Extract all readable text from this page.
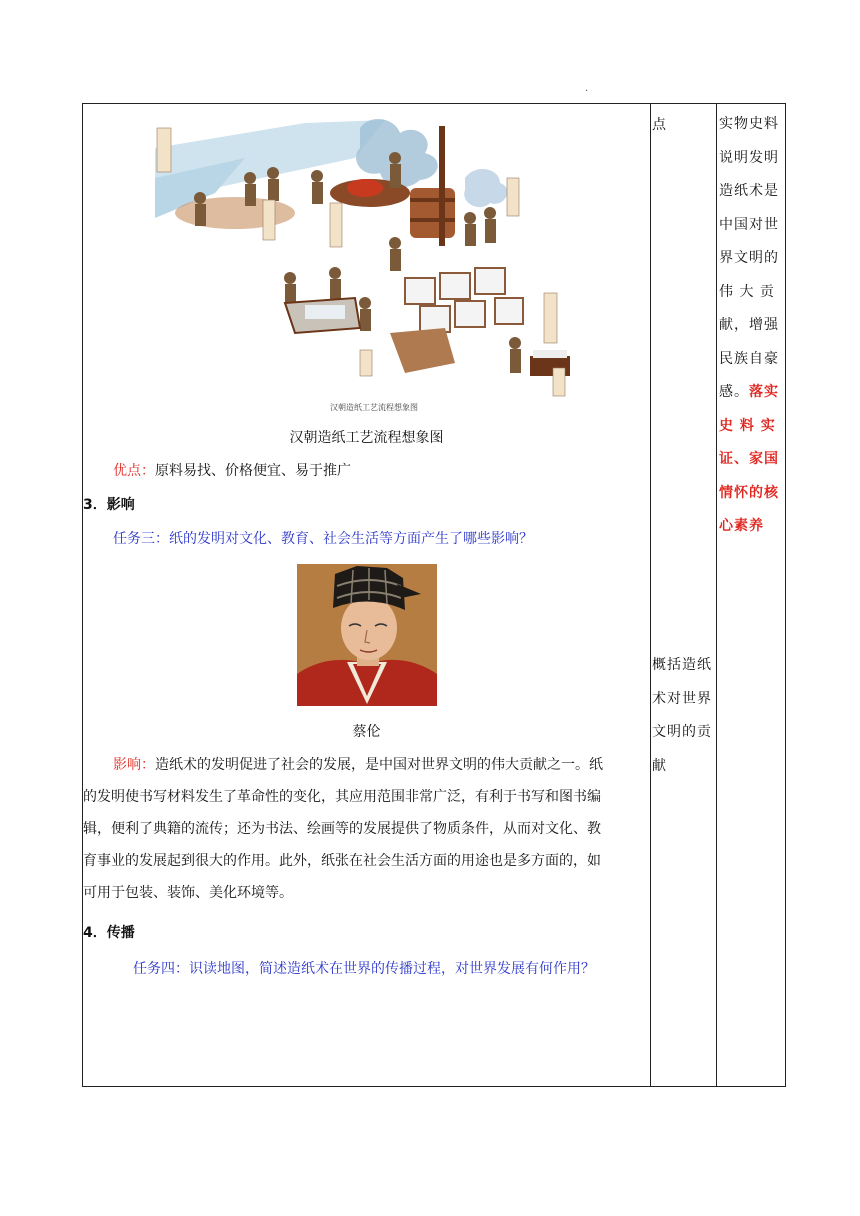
·
汉朝造纸工艺流程想象图
汉朝造纸工艺流程想象图
优点：原料易找、价格便宜、易于推广
3．影响
任务三：纸的发明对文化、教育、社会生活等方面产生了哪些影响？
蔡伦
影响：造纸术的发明促进了社会的发展，是中国对世界文明的伟大贡献之一。纸
的发明使书写材料发生了革命性的变化，其应用范围非常广泛，有利于书写和图书编
辑，便利了典籍的流传；还为书法、绘画等的发展提供了物质条件，从而对文化、教
育事业的发展起到很大的作用。此外，纸张在社会生活方面的用途也是多方面的，如
可用于包装、装饰、美化环境等。
4．传播
任务四：识读地图，简述造纸术在世界的传播过程，对世界发展有何作用？

点
概括造纸
术对世界
文明的贡
献

实物史料
说明发明
造纸术是
中国对世
界文明的
伟 大 贡
献，增强
民族自豪
感。落实
史 料 实
证、家国
情怀的核
心素养
